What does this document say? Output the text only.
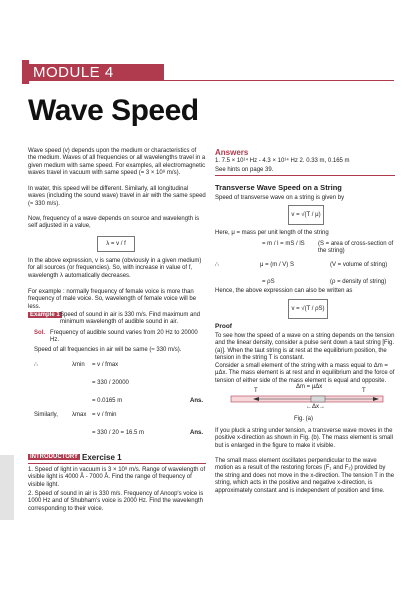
MODULE 4
Wave Speed
Wave speed (v) depends upon the medium or characteristics of the medium. Waves of all frequencies or all wavelengths travel in a given medium with same speed. For examples, all electromagnetic waves travel in vacuum with same speed (= 3 × 10⁸ m/s).
In water, this speed will be different. Similarly, all longitudinal waves (including the sound wave) travel in air with the same speed (≈ 330 m/s).
Now, frequency of a wave depends on source and wavelength is self adjusted in a value,
λ = v / f
In the above expression, v is same (obviously in a given medium) for all sources (or frequencies). So, with increase in value of f, wavelength λ automatically decreases.
For example : normally frequency of female voice is more than frequency of male voice. So, wavelength of female voice will be less.
Example 1 Speed of sound in air is 330 m/s. Find maximum and minimum wavelength of audible sound in air.
Sol. Frequency of audible sound varies from 20 Hz to 20000 Hz.
Speed of all frequencies in air will be same (≈ 330 m/s).
∴	λmin = v / fmax
= 330 / 20000
= 0.0165 m	Ans.
Similarly, λmax = v / fmin
= 330 / 20 = 16.5 m	Ans.
INTRODUCTORY Exercise 1
1. Speed of light in vacuum is 3 × 10⁸ m/s. Range of wavelength of visible light is 4000 Å - 7000 Å. Find the range of frequency of visible light.
2. Speed of sound in air is 330 m/s. Frequency of Anoop's voice is 1000 Hz and of Shubham's voice is 2000 Hz. Find the wavelength corresponding to their voice.
Answers
1. 7.5 × 10¹⁴ Hz - 4.3 × 10¹⁴ Hz 2. 0.33 m, 0.165 m
See hints on page 39.
Transverse Wave Speed on a String
Speed of transverse wave on a string is given by
v = √(T / μ)
Here, μ = mass per unit length of the string
= m / l = mS / lS (S = area of cross-section of the string)
∴	μ = (m / V) S	(V = volume of string)
= ρS	(ρ = density of string)
Hence, the above expression can also be written as
v = √(T / ρS)
Proof
To see how the speed of a wave on a string depends on the tension and the linear density, consider a pulse sent down a taut string [Fig.(a)]. When the taut string is at rest at the equilibrium position, the tension in the string T is constant.
Consider a small element of the string with a mass equal to Δm = μΔx. The mass element is at rest and in equilibrium and the force of tension of either side of the mass element is equal and opposite.
Δm = μΔx
T	T
←Δx→
Fig. (a)
If you pluck a string under tension, a transverse wave moves in the positive x-direction as shown in Fig. (b). The mass element is small but is enlarged in the figure to make it visible.
The small mass element oscillates perpendicular to the wave motion as a result of the restoring forces (F₁ and F₂) provided by the string and does not move in the x-direction. The tension T in the string, which acts in the positive and negative x-direction, is approximately constant and is independent of position and time.
